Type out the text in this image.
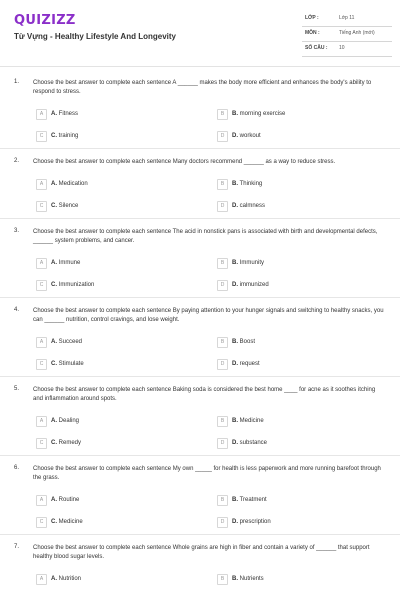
QUIZIZZ
Từ Vựng - Healthy Lifestyle And Longevity
LỚP :	Lớp 11
MÔN :	Tiếng Anh (mới)
SỐ CÂU : 10
1. Choose the best answer to complete each sentence A ______ makes the body more efficient and enhances the body's ability to respond to stress.
A	A. Fitness	B	B. morning exercise
C	C. training	D	D. workout
2. Choose the best answer to complete each sentence Many doctors recommend ______ as a way to reduce stress.
A	A. Medication	B	B. Thinking
C	C. Silence	D	D. calmness
3. Choose the best answer to complete each sentence The acid in nonstick pans is associated with birth and developmental defects, ______ system problems, and cancer.
A	A. Immune	B	B. Immunity
C	C. Immunization	D	D. immunized
4. Choose the best answer to complete each sentence By paying attention to your hunger signals and switching to healthy snacks, you can ______ nutrition, control cravings, and lose weight.
A	A. Succeed	B	B. Boost
C	C. Stimulate	D	D. request
5. Choose the best answer to complete each sentence Baking soda is considered the best home ____ for acne as it soothes itching and inflammation around spots.
A	A. Dealing	B	B. Medicine
C	C. Remedy	D	D. substance
6. Choose the best answer to complete each sentence My own _____ for health is less paperwork and more running barefoot through the grass.
A	A. Routine	B	B. Treatment
C	C. Medicine	D	D. prescription
7. Choose the best answer to complete each sentence Whole grains are high in fiber and contain a variety of ______ that support healthy blood sugar levels.
A	A. Nutrition	B	B. Nutrients
